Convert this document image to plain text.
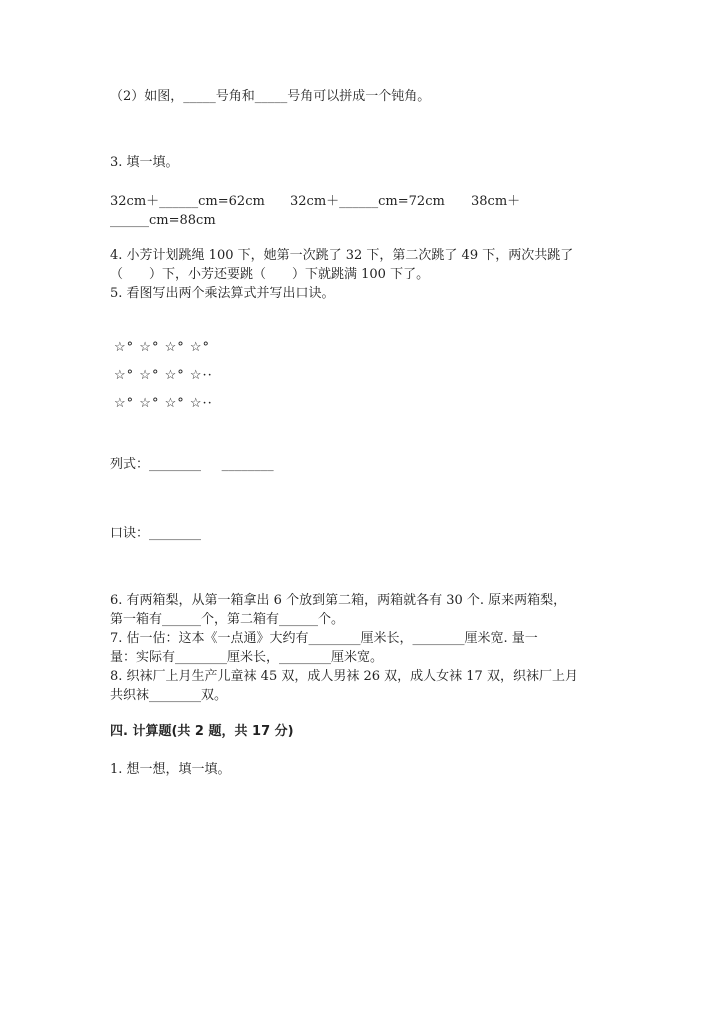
（2）如图，_____号角和_____号角可以拼成一个钝角。
3. 填一填。
32cm＋______cm=62cm 32cm＋______cm=72cm 38cm＋
______cm=88cm
4. 小芳计划跳绳 100 下，她第一次跳了 32 下，第二次跳了 49 下，两次共跳了
（　　）下，小芳还要跳（　　）下就跳满 100 下了。
5. 看图写出两个乘法算式并写出口诀。
☆° ☆° ☆° ☆°
☆° ☆° ☆° ☆··
☆° ☆° ☆° ☆··
列式：________     ________
口诀：________
6. 有两箱梨，从第一箱拿出 6 个放到第二箱，两箱就各有 30 个. 原来两箱梨，
第一箱有______个，第二箱有______个。
7. 估一估：这本《一点通》大约有________厘米长，________厘米宽. 量一
量：实际有________厘米长，________厘米宽。
8. 织袜厂上月生产儿童袜 45 双，成人男袜 26 双，成人女袜 17 双，织袜厂上月
共织袜________双。
四. 计算题(共 2 题，共 17 分)
1. 想一想，填一填。
